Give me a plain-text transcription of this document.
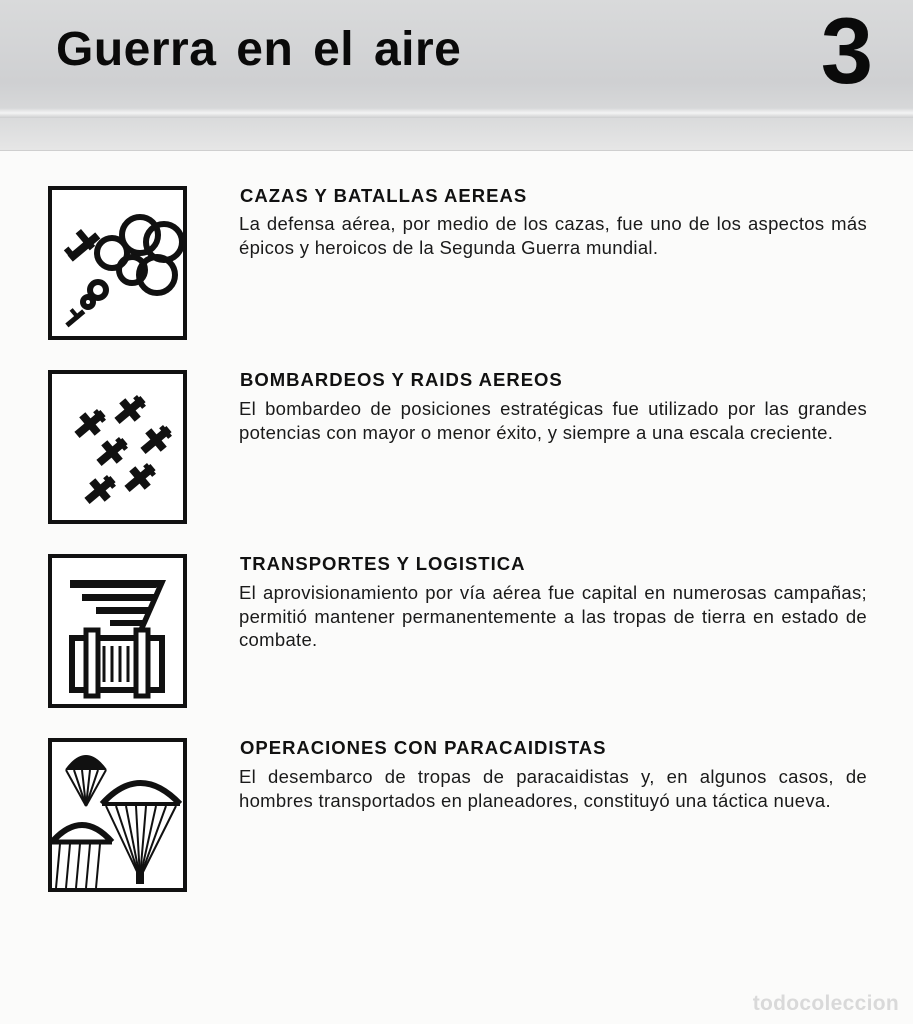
Guerra en el aire	3
CAZAS Y BATALLAS AEREAS
La defensa aérea, por medio de los cazas, fue uno de los aspectos más épicos y heroicos de la Segunda Guerra mundial.
BOMBARDEOS Y RAIDS AEREOS
El bombardeo de posiciones estratégicas fue utilizado por las grandes potencias con mayor o menor éxito, y siempre a una escala creciente.
TRANSPORTES Y LOGISTICA
El aprovisionamiento por vía aérea fue capital en numerosas campañas; permitió mantener permanentemente a las tropas de tierra en estado de combate.
OPERACIONES CON PARACAIDISTAS
El desembarco de tropas de paracaidistas y, en algunos casos, de hombres transportados en planeadores, constituyó una táctica nueva.
todocoleccion
